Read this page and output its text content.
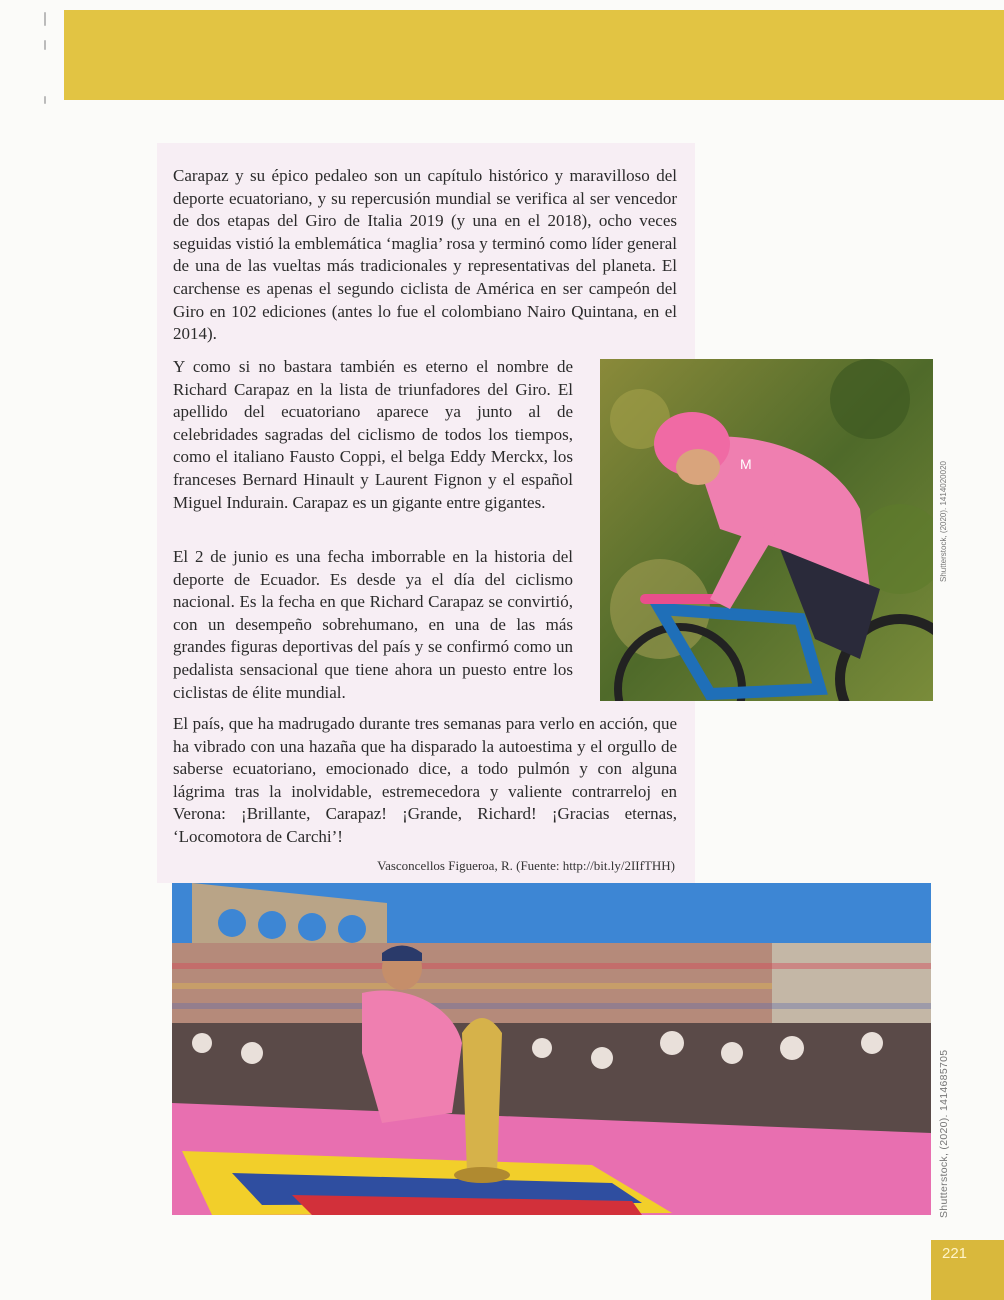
Carapaz y su épico pedaleo son un capítulo histórico y maravilloso del deporte ecuatoriano, y su repercusión mundial se verifica al ser vencedor de dos etapas del Giro de Italia 2019 (y una en el 2018), ocho veces seguidas vistió la emblemática ‘maglia’ rosa y terminó como líder general de una de las vueltas más tradicionales y representativas del planeta. El carchense es apenas el segundo ciclista de América en ser campeón del Giro en 102 ediciones (antes lo fue el colombiano Nairo Quintana, en el 2014).

Y como si no bastara también es eterno el nombre de Richard Carapaz en la lista de triunfadores del Giro. El apellido del ecuatoriano aparece ya junto al de celebridades sagradas del ciclismo de todos los tiempos, como el italiano Fausto Coppi, el belga Eddy Merckx, los franceses Bernard Hinault y Laurent Fignon y el español Miguel Indurain. Carapaz es un gigante entre gigantes.

El 2 de junio es una fecha imborrable en la historia del deporte de Ecuador. Es desde ya el día del ciclismo nacional. Es la fecha en que Richard Carapaz se convirtió, con un desempeño sobrehumano, en una de las más grandes figuras deportivas del país y se confirmó como un pedalista sensacional que tiene ahora un puesto entre los ciclistas de élite mundial.

El país, que ha madrugado durante tres semanas para verlo en acción, que ha vibrado con una hazaña que ha disparado la autoestima y el orgullo de saberse ecuatoriano, emocionado dice, a todo pulmón y con alguna lágrima tras la inolvidable, estremecedora y valiente contrarreloj en Verona: ¡Brillante, Carapaz! ¡Grande, Richard! ¡Gracias eternas, ‘Locomotora de Carchi’!

Vasconcellos Figueroa, R. (Fuente: http://bit.ly/2IIfTHH)
M	Shutterstock, (2020). 1414020020
Shutterstock, (2020). 1414685705
221
